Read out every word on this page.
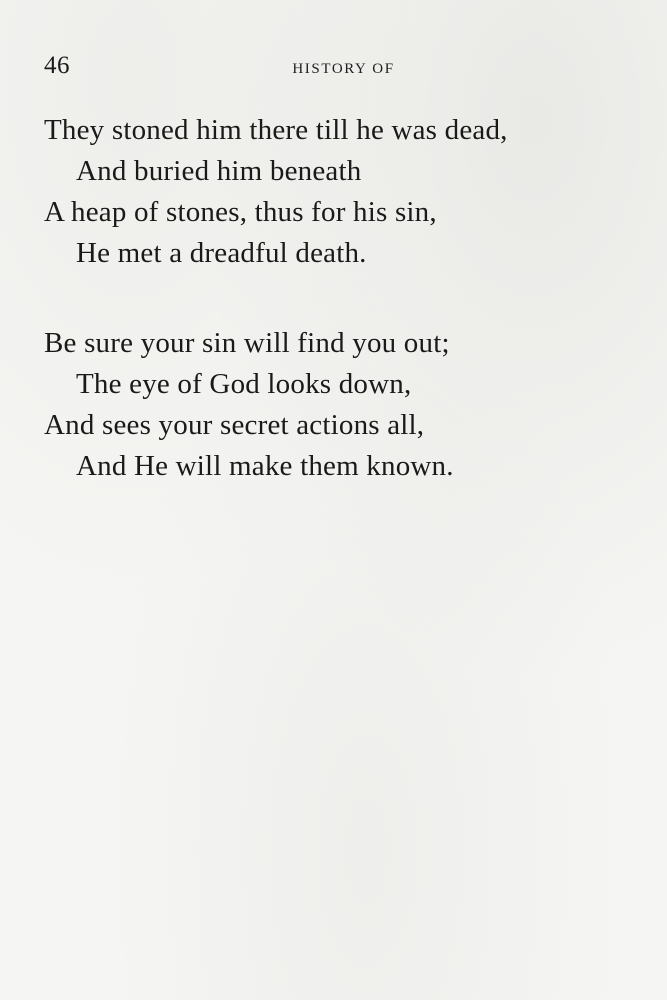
46	HISTORY OF
They stoned him there till he was dead,
And buried him beneath
A heap of stones, thus for his sin,
He met a dreadful death.
Be sure your sin will find you out;
The eye of God looks down,
And sees your secret actions all,
And He will make them known.
